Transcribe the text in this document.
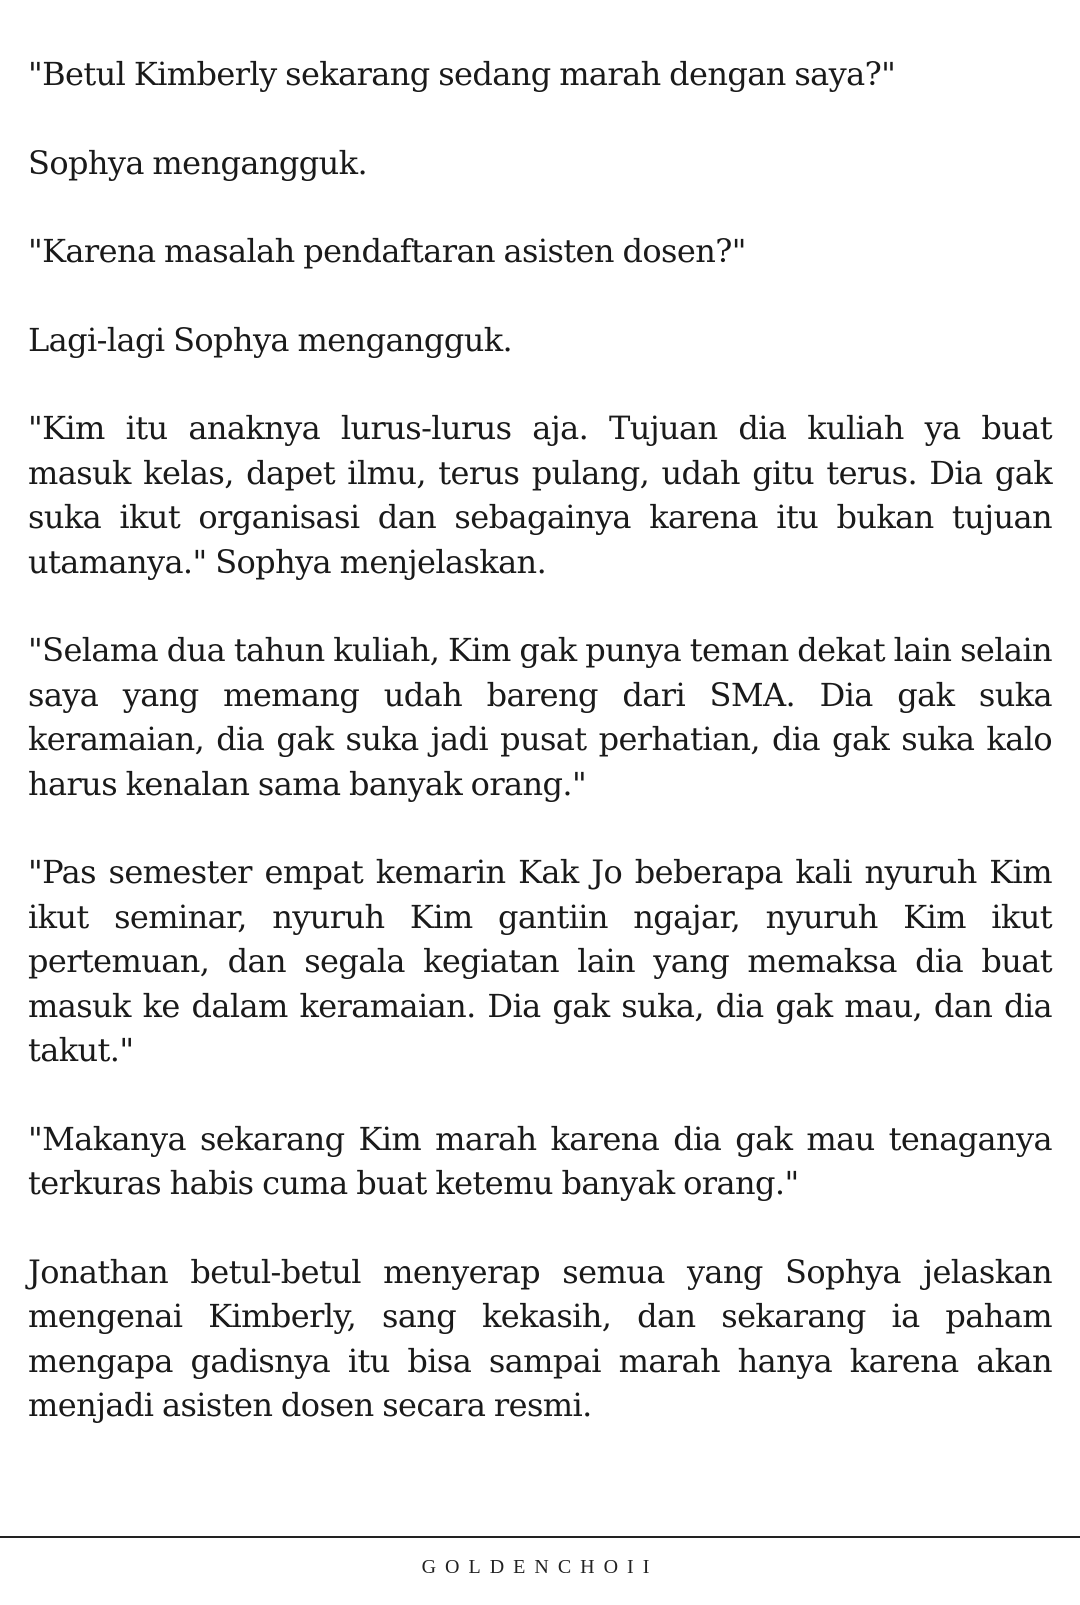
"Betul Kimberly sekarang sedang marah dengan saya?"

Sophya mengangguk.

"Karena masalah pendaftaran asisten dosen?"

Lagi-lagi Sophya mengangguk.

"Kim itu anaknya lurus-lurus aja. Tujuan dia kuliah ya buat masuk kelas, dapet ilmu, terus pulang, udah gitu terus. Dia gak suka ikut organisasi dan sebagainya karena itu bukan tujuan utamanya." Sophya menjelaskan.

"Selama dua tahun kuliah, Kim gak punya teman dekat lain selain saya yang memang udah bareng dari SMA. Dia gak suka keramaian, dia gak suka jadi pusat perhatian, dia gak suka kalo harus kenalan sama banyak orang."

"Pas semester empat kemarin Kak Jo beberapa kali nyuruh Kim ikut seminar, nyuruh Kim gantiin ngajar, nyuruh Kim ikut pertemuan, dan segala kegiatan lain yang memaksa dia buat masuk ke dalam keramaian. Dia gak suka, dia gak mau, dan dia takut."

"Makanya sekarang Kim marah karena dia gak mau tenaganya terkuras habis cuma buat ketemu banyak orang."

Jonathan betul-betul menyerap semua yang Sophya jelaskan mengenai Kimberly, sang kekasih, dan sekarang ia paham mengapa gadisnya itu bisa sampai marah hanya karena akan menjadi asisten dosen secara resmi.

GOLDENCHOII
